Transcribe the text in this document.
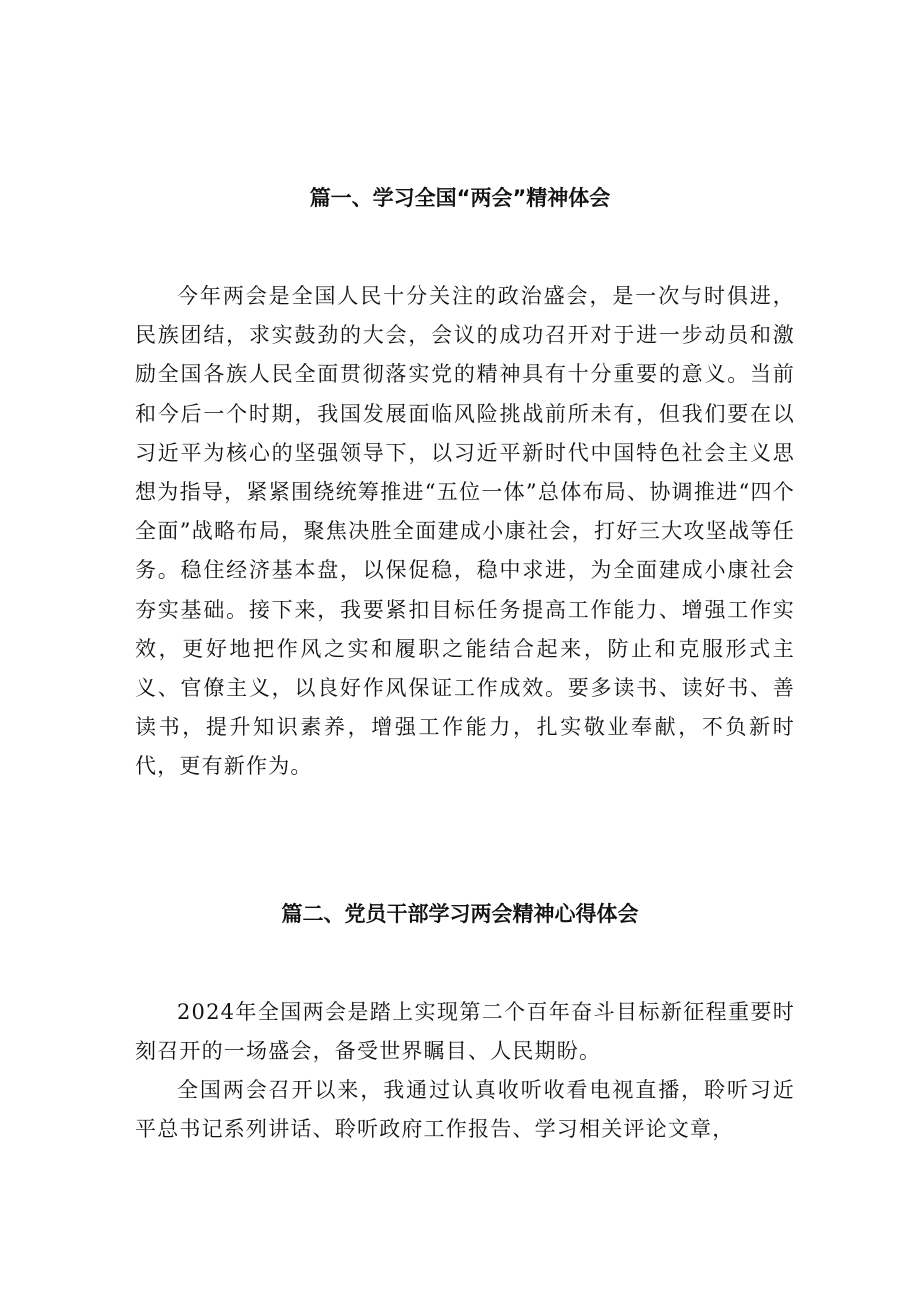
篇一、学习全国“两会”精神体会

今年两会是全国人民十分关注的政治盛会，是一次与时俱进，民族团结，求实鼓劲的大会，会议的成功召开对于进一步动员和激励全国各族人民全面贯彻落实党的精神具有十分重要的意义。当前和今后一个时期，我国发展面临风险挑战前所未有，但我们要在以习近平为核心的坚强领导下，以习近平新时代中国特色社会主义思想为指导，紧紧围绕统筹推进“五位一体”总体布局、协调推进“四个全面”战略布局，聚焦决胜全面建成小康社会，打好三大攻坚战等任务。稳住经济基本盘，以保促稳，稳中求进，为全面建成小康社会夯实基础。接下来，我要紧扣目标任务提高工作能力、增强工作实效，更好地把作风之实和履职之能结合起来，防止和克服形式主义、官僚主义，以良好作风保证工作成效。要多读书、读好书、善读书，提升知识素养，增强工作能力，扎实敬业奉献，不负新时代，更有新作为。

篇二、党员干部学习两会精神心得体会

2024年全国两会是踏上实现第二个百年奋斗目标新征程重要时刻召开的一场盛会，备受世界瞩目、人民期盼。

全国两会召开以来，我通过认真收听收看电视直播，聆听习近平总书记系列讲话、聆听政府工作报告、学习相关评论文章，
